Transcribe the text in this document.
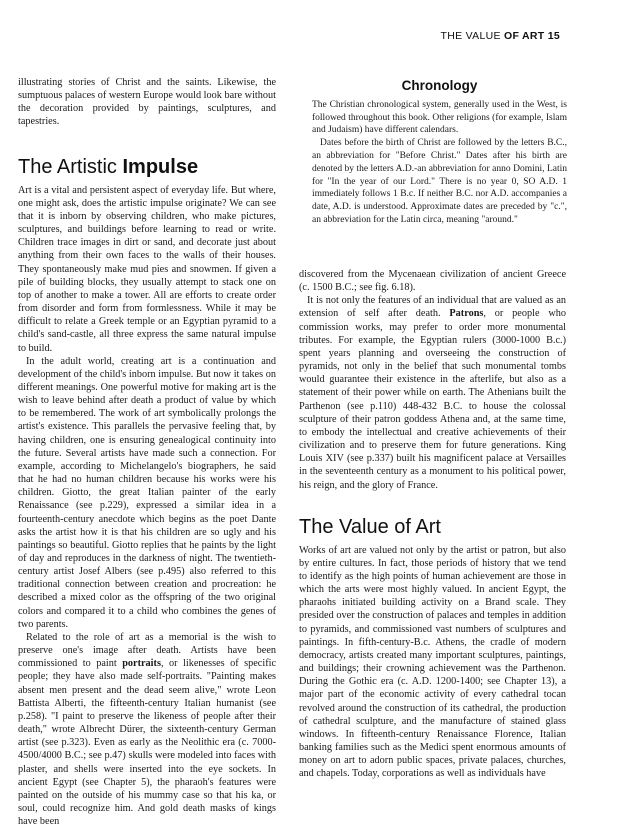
THE VALUE OF ART 15

illustrating stories of Christ and the saints. Likewise, the sumptuous palaces of western Europe would look bare without the decoration provided by paintings, sculptures, and tapestries.

The Artistic Impulse

Art is a vital and persistent aspect of everyday life. But where, one might ask, does the artistic impulse originate? We can see that it is inborn by observing children, who make pictures, sculptures, and buildings before learning to read or write. Children trace images in dirt or sand, and decorate just about anything from their own faces to the walls of their houses. They spontaneously make mud pies and snowmen. If given a pile of building blocks, they usually attempt to stack one on top of another to make a tower. All are efforts to create order from disorder and form from formlessness. While it may be difficult to relate a Greek temple or an Egyptian pyramid to a child's sand-castle, all three express the same natural impulse to build.

In the adult world, creating art is a continuation and development of the child's inborn impulse. But now it takes on different meanings. One powerful motive for making art is the wish to leave behind after death a product of value by which to be remembered. The work of art symbolically prolongs the artist's existence. This parallels the pervasive feeling that, by having children, one is ensuring genealogical continuity into the future. Several artists have made such a connection. For example, according to Michelangelo's biographers, he said that he had no human children because his works were his children. Giotto, the great Italian painter of the early Renaissance (see p.229), expressed a similar idea in a fourteenth-century anecdote which begins as the poet Dante asks the artist how it is that his children are so ugly and his paintings so beautiful. Giotto replies that he paints by the light of day and reproduces in the darkness of night. The twentieth-century artist Josef Albers (see p.495) also referred to this traditional connection between creation and procreation: he described a mixed color as the offspring of the two original colors and compared it to a child who combines the genes of two parents.

Related to the role of art as a memorial is the wish to preserve one's image after death. Artists have been commissioned to paint portraits, or likenesses of specific people; they have also made self-portraits. "Painting makes absent men present and the dead seem alive," wrote Leon Battista Alberti, the fifteenth-century Italian humanist (see p.258). "I paint to preserve the likeness of people after their death," wrote Albrecht Dürer, the sixteenth-century German artist (see p.323). Even as early as the Neolithic era (c. 7000-4500/4000 B.C.; see p.47) skulls were modeled into faces with plaster, and shells were inserted into the eye sockets. In ancient Egypt (see Chapter 5), the pharaoh's features were painted on the outside of his mummy case so that his ka, or soul, could recognize him. And gold death masks of kings have been

Chronology

The Christian chronological system, generally used in the West, is followed throughout this book. Other religions (for example, Islam and Judaism) have different calendars.

Dates before the birth of Christ are followed by the letters B.C., an abbreviation for "Before Christ." Dates after his birth are denoted by the letters A.D.-an abbreviation for anno Domini, Latin for "In the year of our Lord." There is no year 0, SO A.D. 1 immediately follows 1 B.c. If neither B.C. nor A.D. accompanies a date, A.D. is understood. Approximate dates are preceded by "c.", an abbreviation for the Latin circa, meaning "around."

discovered from the Mycenaean civilization of ancient Greece (c. 1500 B.C.; see fig. 6.18).

It is not only the features of an individual that are valued as an extension of self after death. Patrons, or people who commission works, may prefer to order more monumental tributes. For example, the Egyptian rulers (3000-1000 B.c.) spent years planning and overseeing the construction of pyramids, not only in the belief that such monumental tombs would guarantee their existence in the afterlife, but also as a statement of their power while on earth. The Athenians built the Parthenon (see p.110) 448-432 B.C. to house the colossal sculpture of their patron goddess Athena and, at the same time, to embody the intellectual and creative achievements of their civilization and to preserve them for future generations. King Louis XIV (see p.337) built his magnificent palace at Versailles in the seventeenth century as a monument to his political power, his reign, and the glory of France.

The Value of Art

Works of art are valued not only by the artist or patron, but also by entire cultures. In fact, those periods of history that we tend to identify as the high points of human achievement are those in which the arts were most highly valued. In ancient Egypt, the pharaohs initiated building activity on a Brand scale. They presided over the construction of palaces and temples in addition to pyramids, and commissioned vast numbers of sculptures and paintings. In fifth-century-B.c. Athens, the cradle of modern democracy, artists created many important sculptures, paintings, and buildings; their crowning achievement was the Parthenon. During the Gothic era (c. A.D. 1200-1400; see Chapter 13), a major part of the economic activity of every cathedral tocan revolved around the construction of its cathedral, the production of cathedral sculpture, and the manufacture of stained glass windows. In fifteenth-century Renaissance Florence, Italian banking families such as the Medici spent enormous amounts of money on art to adorn public spaces, private palaces, churches, and chapels. Today, corporations as well as individuals have
